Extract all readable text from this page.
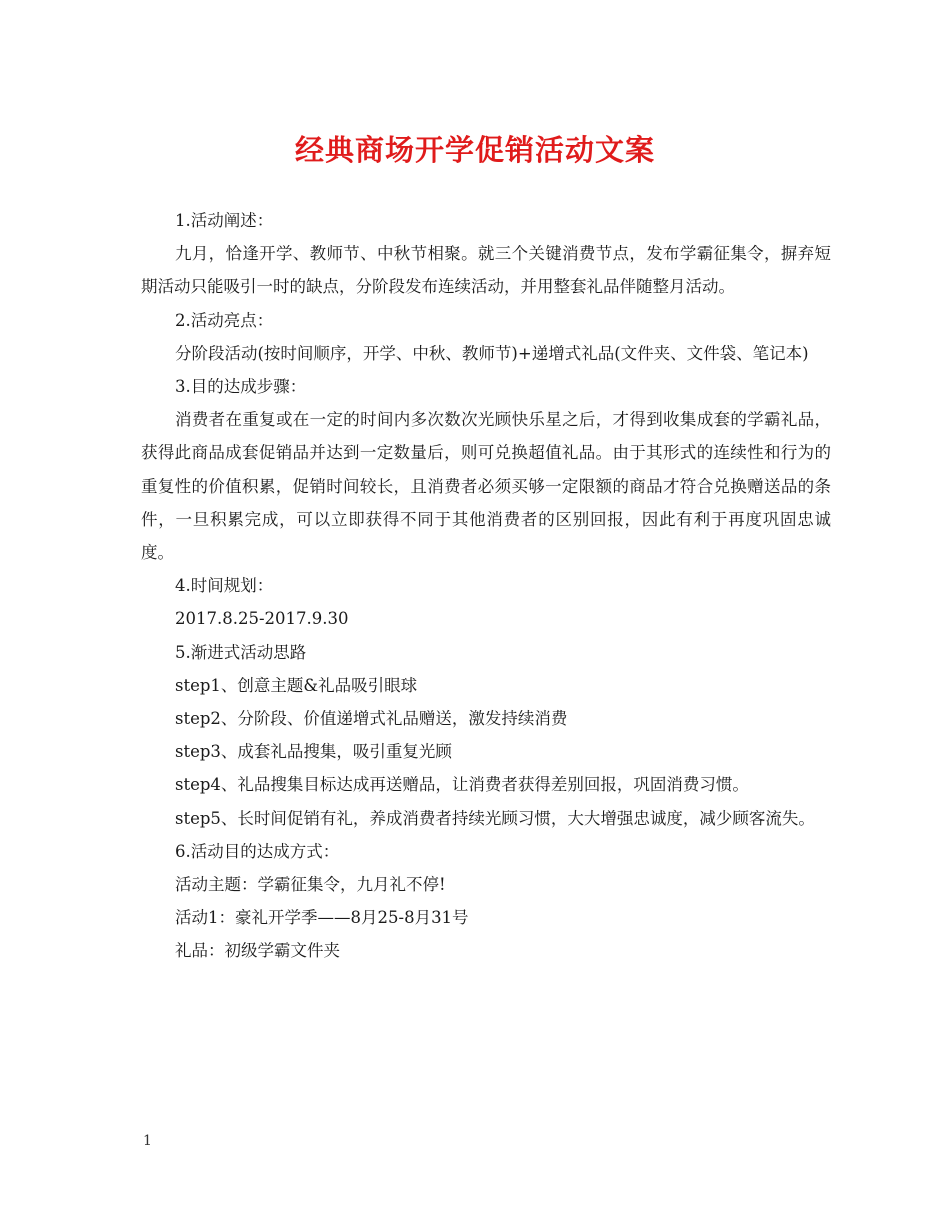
经典商场开学促销活动文案

1.活动阐述：

九月，恰逢开学、教师节、中秋节相聚。就三个关键消费节点，发布学霸征集令，摒弃短期活动只能吸引一时的缺点，分阶段发布连续活动，并用整套礼品伴随整月活动。

2.活动亮点：

分阶段活动(按时间顺序，开学、中秋、教师节)+递增式礼品(文件夹、文件袋、笔记本)

3.目的达成步骤：

消费者在重复或在一定的时间内多次数次光顾快乐星之后，才得到收集成套的学霸礼品，获得此商品成套促销品并达到一定数量后，则可兑换超值礼品。由于其形式的连续性和行为的重复性的价值积累，促销时间较长，且消费者必须买够一定限额的商品才符合兑换赠送品的条件，一旦积累完成，可以立即获得不同于其他消费者的区别回报，因此有利于再度巩固忠诚度。

4.时间规划：

2017.8.25-2017.9.30

5.渐进式活动思路

step1、创意主题&礼品吸引眼球

step2、分阶段、价值递增式礼品赠送，激发持续消费

step3、成套礼品搜集，吸引重复光顾

step4、礼品搜集目标达成再送赠品，让消费者获得差别回报，巩固消费习惯。

step5、长时间促销有礼，养成消费者持续光顾习惯，大大增强忠诚度，减少顾客流失。

6.活动目的达成方式：

活动主题：学霸征集令，九月礼不停!

活动1：豪礼开学季——8月25-8月31号

礼品：初级学霸文件夹

1
